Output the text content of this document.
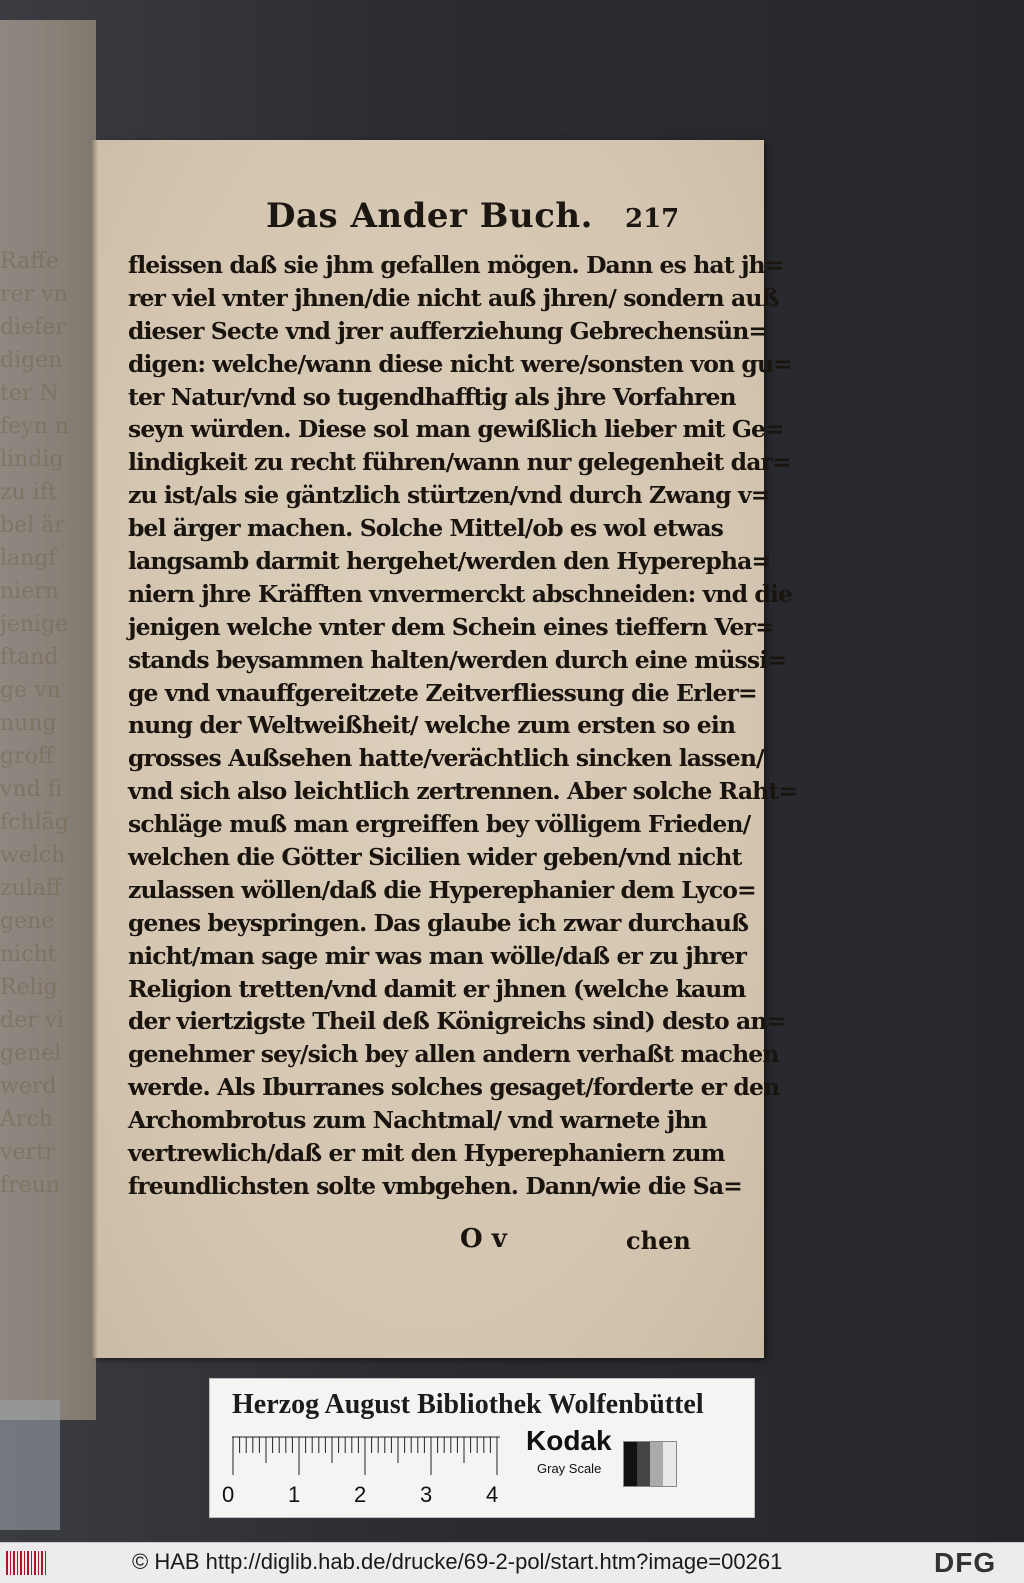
Raffe
rer vn
diefer
digen
ter N
feyn n
lindig
zu ift
bel är
langf
niern
jenige
ftand
ge vn
nung
groff
vnd fi
fchläg
welch
zulaff
gene
nicht
Relig
der vi
genel
werd
Arch
vertr
freun
Das Ander Buch. 217
fleissen daß sie jhm gefallen mögen. Dann es hat jh=
rer viel vnter jhnen/die nicht auß jhren/ sondern auß
dieser Secte vnd jrer aufferziehung Gebrechensün=
digen: welche/wann diese nicht were/sonsten von gu=
ter Natur/vnd so tugendhafftig als jhre Vorfahren
seyn würden. Diese sol man gewißlich lieber mit Ge=
lindigkeit zu recht führen/wann nur gelegenheit dar=
zu ist/als sie gäntzlich stürtzen/vnd durch Zwang v=
bel ärger machen. Solche Mittel/ob es wol etwas
langsamb darmit hergehet/werden den Hyperepha=
niern jhre Kräfften vnvermerckt abschneiden: vnd die
jenigen welche vnter dem Schein eines tieffern Ver=
stands beysammen halten/werden durch eine müssi=
ge vnd vnauffgereitzete Zeitverfliessung die Erler=
nung der Weltweißheit/ welche zum ersten so ein
grosses Außsehen hatte/verächtlich sincken lassen/
vnd sich also leichtlich zertrennen. Aber solche Raht=
schläge muß man ergreiffen bey völligem Frieden/
welchen die Götter Sicilien wider geben/vnd nicht
zulassen wöllen/daß die Hyperephanier dem Lyco=
genes beyspringen. Das glaube ich zwar durchauß
nicht/man sage mir was man wölle/daß er zu jhrer
Religion tretten/vnd damit er jhnen (welche kaum
der viertzigste Theil deß Königreichs sind) desto an=
genehmer sey/sich bey allen andern verhaßt machen
werde. Als Iburranes solches gesaget/forderte er den
Archombrotus zum Nachtmal/ vnd warnete jhn
vertrewlich/daß er mit den Hyperephaniern zum
freundlichsten solte vmbgehen. Dann/wie die Sa=
O v	chen
Herzog August Bibliothek Wolfenbüttel
0 1 2 3 4
Kodak
Gray Scale
© HAB http://diglib.hab.de/drucke/69-2-pol/start.htm?image=00261	DFG
